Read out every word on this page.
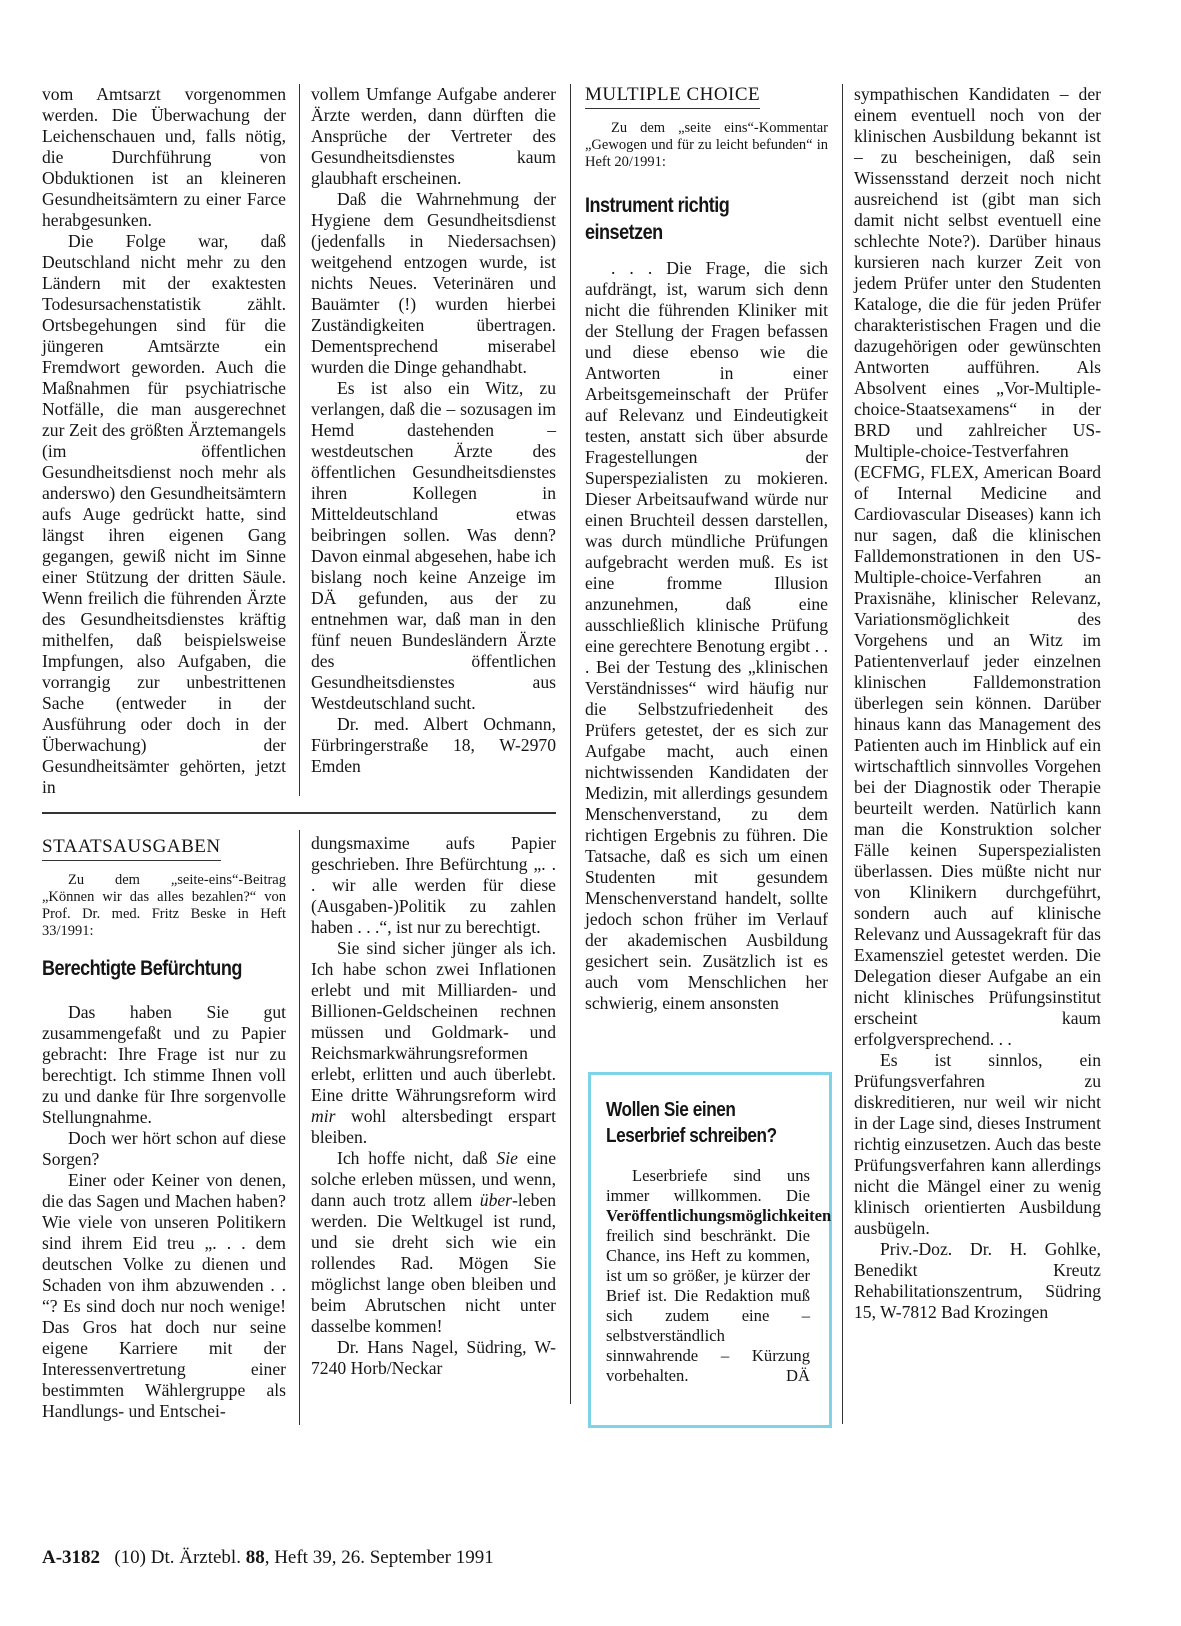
vom Amtsarzt vorgenommen werden. Die Überwachung der Leichenschauen und, falls nötig, die Durchführung von Obduktionen ist an kleineren Gesundheitsämtern zu einer Farce herabgesunken.

Die Folge war, daß Deutschland nicht mehr zu den Ländern mit der exaktesten Todesursachenstatistik zählt. Ortsbegehungen sind für die jüngeren Amtsärzte ein Fremdwort geworden. Auch die Maßnahmen für psychiatrische Notfälle, die man ausgerechnet zur Zeit des größten Ärztemangels (im öffentlichen Gesundheitsdienst noch mehr als anderswo) den Gesundheitsämtern aufs Auge gedrückt hatte, sind längst ihren eigenen Gang gegangen, gewiß nicht im Sinne einer Stützung der dritten Säule. Wenn freilich die führenden Ärzte des Gesundheitsdienstes kräftig mithelfen, daß beispielsweise Impfungen, also Aufgaben, die vorrangig zur unbestrittenen Sache (entweder in der Ausführung oder doch in der Überwachung) der Gesundheitsämter gehörten, jetzt in

vollem Umfange Aufgabe anderer Ärzte werden, dann dürften die Ansprüche der Vertreter des Gesundheitsdienstes kaum glaubhaft erscheinen.

Daß die Wahrnehmung der Hygiene dem Gesundheitsdienst (jedenfalls in Niedersachsen) weitgehend entzogen wurde, ist nichts Neues. Veterinären und Bauämter (!) wurden hierbei Zuständigkeiten übertragen. Dementsprechend miserabel wurden die Dinge gehandhabt.

Es ist also ein Witz, zu verlangen, daß die – sozusagen im Hemd dastehenden – westdeutschen Ärzte des öffentlichen Gesundheitsdienstes ihren Kollegen in Mitteldeutschland etwas beibringen sollen. Was denn? Davon einmal abgesehen, habe ich bislang noch keine Anzeige im DÄ gefunden, aus der zu entnehmen war, daß man in den fünf neuen Bundesländern Ärzte des öffentlichen Gesundheitsdienstes aus Westdeutschland sucht.

Dr. med. Albert Ochmann, Fürbringerstraße 18, W-2970 Emden

STAATSAUSGABEN

Zu dem „seite-eins“-Beitrag „Können wir das alles bezahlen?“ von Prof. Dr. med. Fritz Beske in Heft 33/1991:

Berechtigte Befürchtung

Das haben Sie gut zusammengefaßt und zu Papier gebracht: Ihre Frage ist nur zu berechtigt. Ich stimme Ihnen voll zu und danke für Ihre sorgenvolle Stellungnahme.

Doch wer hört schon auf diese Sorgen?

Einer oder Keiner von denen, die das Sagen und Machen haben? Wie viele von unseren Politikern sind ihrem Eid treu „. . . dem deutschen Volke zu dienen und Schaden von ihm abzuwenden . . “? Es sind doch nur noch wenige! Das Gros hat doch nur seine eigene Karriere mit der Interessenvertretung einer bestimmten Wählergruppe als Handlungs- und Entschei-

dungsmaxime aufs Papier geschrieben. Ihre Befürchtung „. . . wir alle werden für diese (Ausgaben-)Politik zu zahlen haben . . .“, ist nur zu berechtigt.

Sie sind sicher jünger als ich. Ich habe schon zwei Inflationen erlebt und mit Milliarden- und Billionen-Geldscheinen rechnen müssen und Goldmark- und Reichsmarkwährungsreformen erlebt, erlitten und auch überlebt. Eine dritte Währungsreform wird mir wohl altersbedingt erspart bleiben.

Ich hoffe nicht, daß Sie eine solche erleben müssen, und wenn, dann auch trotz allem über-leben werden. Die Weltkugel ist rund, und sie dreht sich wie ein rollendes Rad. Mögen Sie möglichst lange oben bleiben und beim Abrutschen nicht unter dasselbe kommen!

Dr. Hans Nagel, Südring, W-7240 Horb/Neckar

MULTIPLE CHOICE

Zu dem „seite eins“-Kommentar „Gewogen und für zu leicht befunden“ in Heft 20/1991:

Instrument richtig
einsetzen

. . . Die Frage, die sich aufdrängt, ist, warum sich denn nicht die führenden Kliniker mit der Stellung der Fragen befassen und diese ebenso wie die Antworten in einer Arbeitsgemeinschaft der Prüfer auf Relevanz und Eindeutigkeit testen, anstatt sich über absurde Fragestellungen der Superspezialisten zu mokieren. Dieser Arbeitsaufwand würde nur einen Bruchteil dessen darstellen, was durch mündliche Prüfungen aufgebracht werden muß. Es ist eine fromme Illusion anzunehmen, daß eine ausschließlich klinische Prüfung eine gerechtere Benotung ergibt . . . Bei der Testung des „klinischen Verständnisses“ wird häufig nur die Selbstzufriedenheit des Prüfers getestet, der es sich zur Aufgabe macht, auch einen nichtwissenden Kandidaten der Medizin, mit allerdings gesundem Menschenverstand, zu dem richtigen Ergebnis zu führen. Die Tatsache, daß es sich um einen Studenten mit gesundem Menschenverstand handelt, sollte jedoch schon früher im Verlauf der akademischen Ausbildung gesichert sein. Zusätzlich ist es auch vom Menschlichen her schwierig, einem ansonsten

sympathischen Kandidaten – der einem eventuell noch von der klinischen Ausbildung bekannt ist – zu bescheinigen, daß sein Wissensstand derzeit noch nicht ausreichend ist (gibt man sich damit nicht selbst eventuell eine schlechte Note?). Darüber hinaus kursieren nach kurzer Zeit von jedem Prüfer unter den Studenten Kataloge, die die für jeden Prüfer charakteristischen Fragen und die dazugehörigen oder gewünschten Antworten aufführen. Als Absolvent eines „Vor-Multiple-choice-Staatsexamens“ in der BRD und zahlreicher US-Multiple-choice-Testverfahren (ECFMG, FLEX, American Board of Internal Medicine and Cardiovascular Diseases) kann ich nur sagen, daß die klinischen Falldemonstrationen in den US-Multiple-choice-Verfahren an Praxisnähe, klinischer Relevanz, Variationsmöglichkeit des Vorgehens und an Witz im Patientenverlauf jeder einzelnen klinischen Falldemonstration überlegen sein können. Darüber hinaus kann das Management des Patienten auch im Hinblick auf ein wirtschaftlich sinnvolles Vorgehen bei der Diagnostik oder Therapie beurteilt werden. Natürlich kann man die Konstruktion solcher Fälle keinen Superspezialisten überlassen. Dies müßte nicht nur von Klinikern durchgeführt, sondern auch auf klinische Relevanz und Aussagekraft für das Examensziel getestet werden. Die Delegation dieser Aufgabe an ein nicht klinisches Prüfungsinstitut erscheint kaum erfolgversprechend. . .

Es ist sinnlos, ein Prüfungsverfahren zu diskreditieren, nur weil wir nicht in der Lage sind, dieses Instrument richtig einzusetzen. Auch das beste Prüfungsverfahren kann allerdings nicht die Mängel einer zu wenig klinisch orientierten Ausbildung ausbügeln.

Priv.-Doz. Dr. H. Gohlke, Benedikt Kreutz Rehabilitationszentrum, Südring 15, W-7812 Bad Krozingen

Wollen Sie einen
Leserbrief schreiben?

Leserbriefe sind uns immer willkommen. Die Veröffentlichungsmöglichkeiten freilich sind beschränkt. Die Chance, ins Heft zu kommen, ist um so größer, je kürzer der Brief ist. Die Redaktion muß sich zudem eine – selbstverständlich sinnwahrende – Kürzung vorbehalten.	DÄ

A-3182 (10) Dt. Ärztebl. 88, Heft 39, 26. September 1991
